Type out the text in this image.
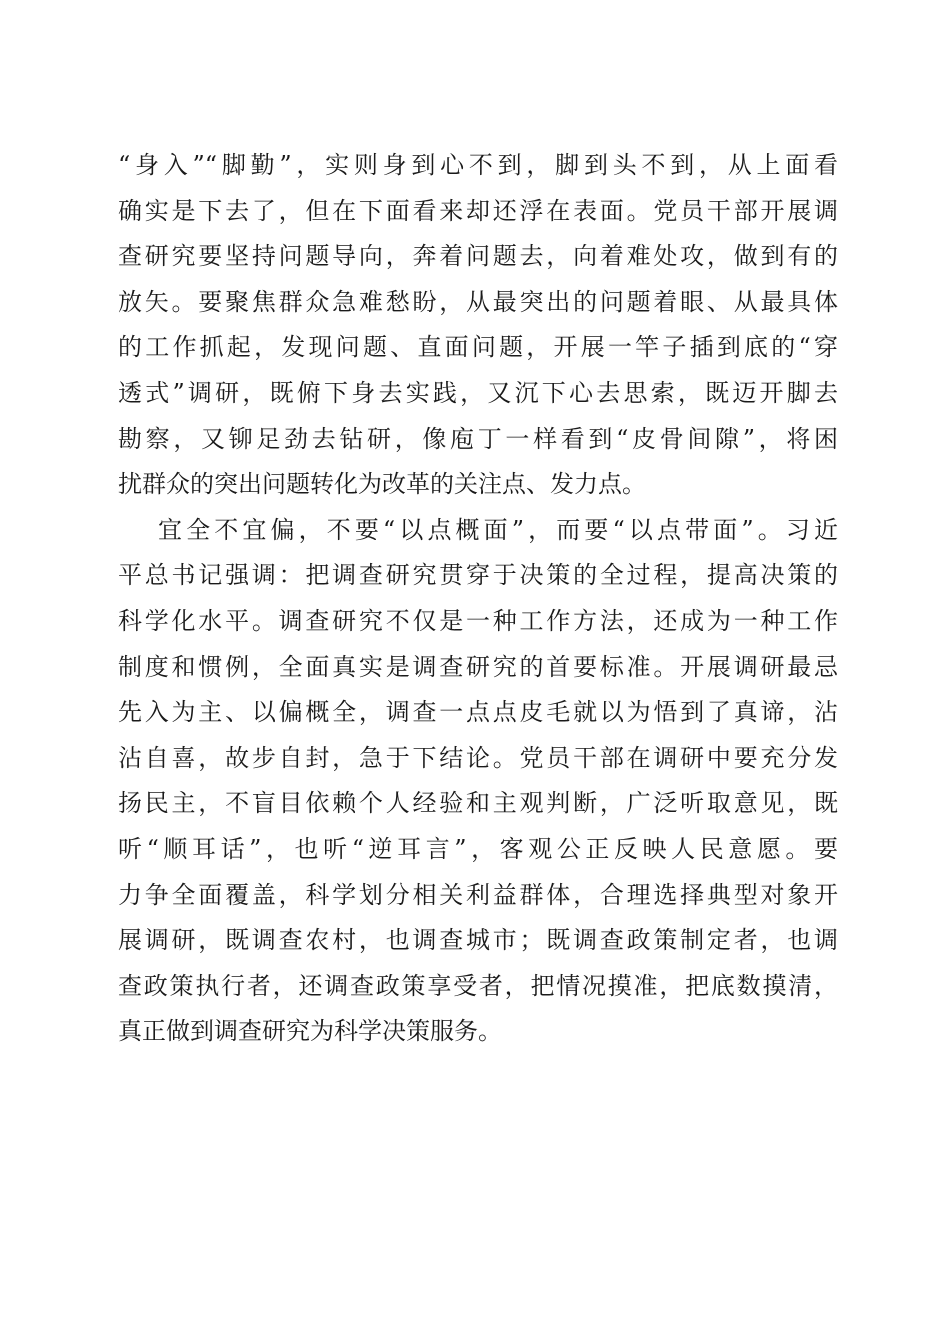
“身入”“脚勤”，实则身到心不到，脚到头不到，从上面看
确实是下去了，但在下面看来却还浮在表面。党员干部开展调
查研究要坚持问题导向，奔着问题去，向着难处攻，做到有的
放矢。要聚焦群众急难愁盼，从最突出的问题着眼、从最具体
的工作抓起，发现问题、直面问题，开展一竿子插到底的“穿
透式”调研，既俯下身去实践，又沉下心去思索，既迈开脚去
勘察，又铆足劲去钻研，像庖丁一样看到“皮骨间隙”，将困
扰群众的突出问题转化为改革的关注点、发力点。
宜全不宜偏，不要“以点概面”，而要“以点带面”。习近
平总书记强调：把调查研究贯穿于决策的全过程，提高决策的
科学化水平。调查研究不仅是一种工作方法，还成为一种工作
制度和惯例，全面真实是调查研究的首要标准。开展调研最忌
先入为主、以偏概全，调查一点点皮毛就以为悟到了真谛，沾
沾自喜，故步自封，急于下结论。党员干部在调研中要充分发
扬民主，不盲目依赖个人经验和主观判断，广泛听取意见，既
听“顺耳话”，也听“逆耳言”，客观公正反映人民意愿。要
力争全面覆盖，科学划分相关利益群体，合理选择典型对象开
展调研，既调查农村，也调查城市；既调查政策制定者，也调
查政策执行者，还调查政策享受者，把情况摸准，把底数摸清，
真正做到调查研究为科学决策服务。
